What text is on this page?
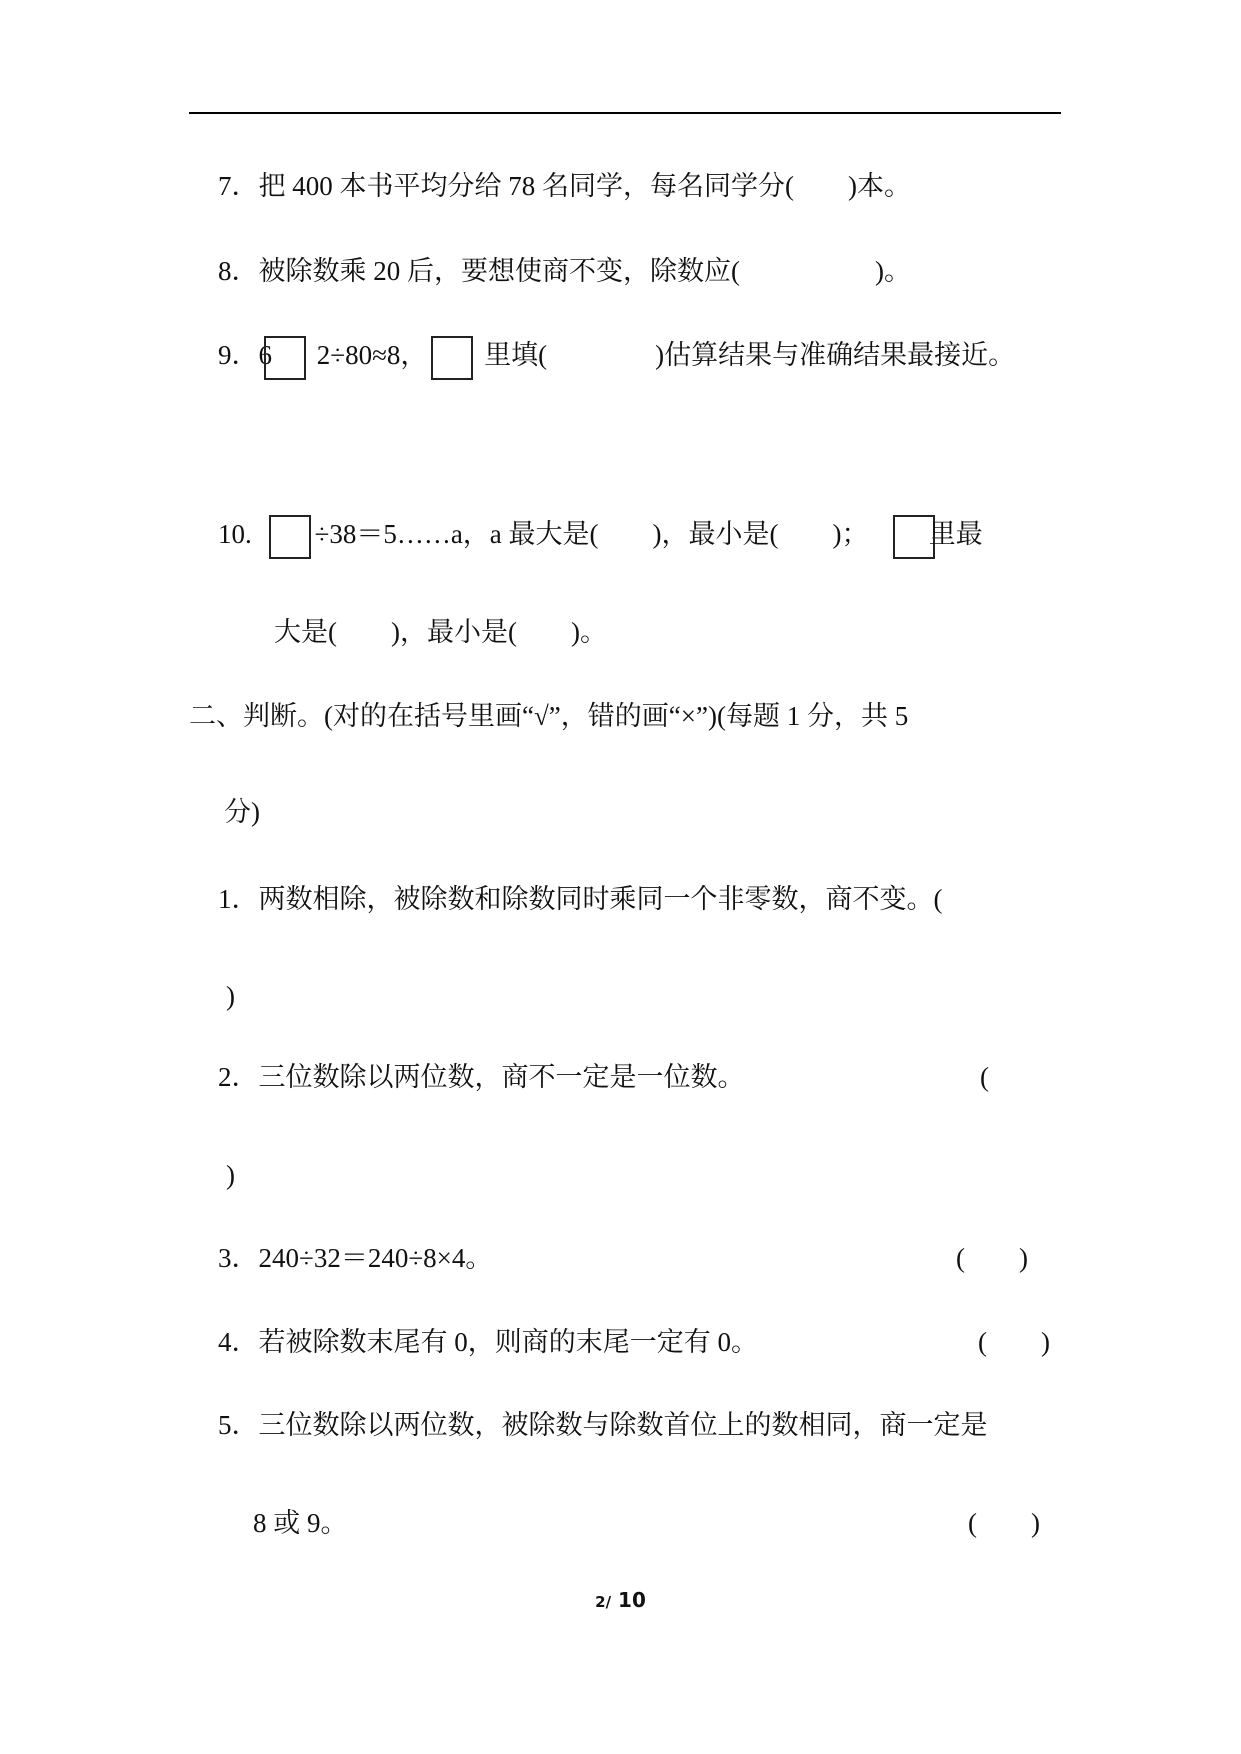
7．把 400 本书平均分给 78 名同学，每名同学分(　　)本。
8．被除数乘 20 后，要想使商不变，除数应(　　　　　)。
9．6 2÷80≈8， 里填(　　　　)估算结果与准确结果最接近。
10. ÷38＝5……a，a 最大是(　　)，最小是(　　)； 里最
大是(　　)，最小是(　　)。
二、判断。(对的在括号里画“√”，错的画“×”)(每题 1 分，共 5
分)
1．两数相除，被除数和除数同时乘同一个非零数，商不变。(
)
2．三位数除以两位数，商不一定是一位数。	(
)
3．240÷32＝240÷8×4。	(　　)
4．若被除数末尾有 0，则商的末尾一定有 0。	(　　)
5．三位数除以两位数，被除数与除数首位上的数相同，商一定是
8 或 9。	(　　)
2/ 10
